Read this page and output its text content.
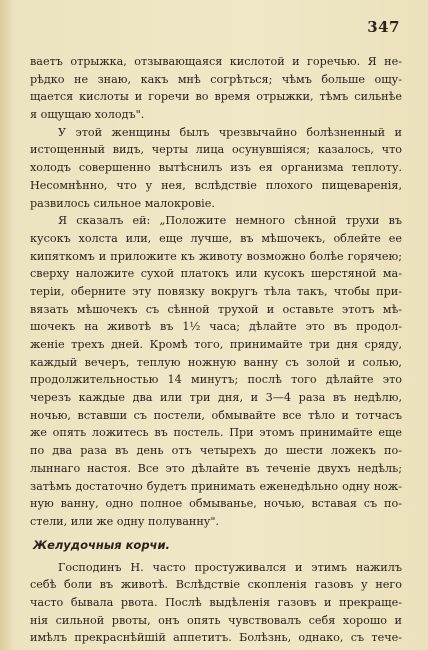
347
ваетъ отрыжка, отзывающаяся кислотой и горечью. Я не-
рѣдко не знаю, какъ мнѣ согрѣться; чѣмъ больше ощу-
щается кислоты и горечи во время отрыжки, тѣмъ сильнѣе
я ощущаю холодъ".
У этой женщины былъ чрезвычайно болѣзненный и
истощенный видъ, черты лица осунувшіяся; казалось, что
холодъ совершенно вытѣснилъ изъ ея организма теплоту.
Несомнѣнно, что у нея, вслѣдствіе плохого пищеваренія,
развилось сильное малокровіе.
Я сказалъ ей: „Положите немного сѣнной трухи въ
кусокъ холста или, еще лучше, въ мѣшочекъ, облейте ее
кипяткомъ и приложите къ животу возможно болѣе горячею;
сверху наложите сухой платокъ или кусокъ шерстяной ма-
теріи, оберните эту повязку вокругъ тѣла такъ, чтобы при-
вязать мѣшочекъ съ сѣнной трухой и оставьте этотъ мѣ-
шочекъ на животѣ въ 1½ часа; дѣлайте это въ продол-
женіе трехъ дней. Кромѣ того, принимайте три дня сряду,
каждый вечеръ, теплую ножную ванну съ золой и солью,
продолжительностью 14 минутъ; послѣ того дѣлайте это
черезъ каждые два или три дня, и 3—4 раза въ недѣлю,
ночью, вставши съ постели, обмывайте все тѣло и тотчасъ
же опять ложитесь въ постель. При этомъ принимайте еще
по два раза въ день отъ четырехъ до шести ложекъ по-
лыннаго настоя. Все это дѣлайте въ теченіе двухъ недѣль;
затѣмъ достаточно будетъ принимать еженедѣльно одну нож-
ную ванну, одно полное обмыванье, ночью, вставая съ по-
стели, или же одну полуванну".
Желудочныя корчи.
Господинъ Н. часто простуживался и этимъ нажилъ
себѣ боли въ животѣ. Вслѣдствіе скопленія газовъ у него
часто бывала рвота. Послѣ выдѣленія газовъ и прекраще-
нія сильной рвоты, онъ опять чувствовалъ себя хорошо и
имѣлъ прекраснѣйшій аппетитъ. Болѣзнь, однако, съ тече-
